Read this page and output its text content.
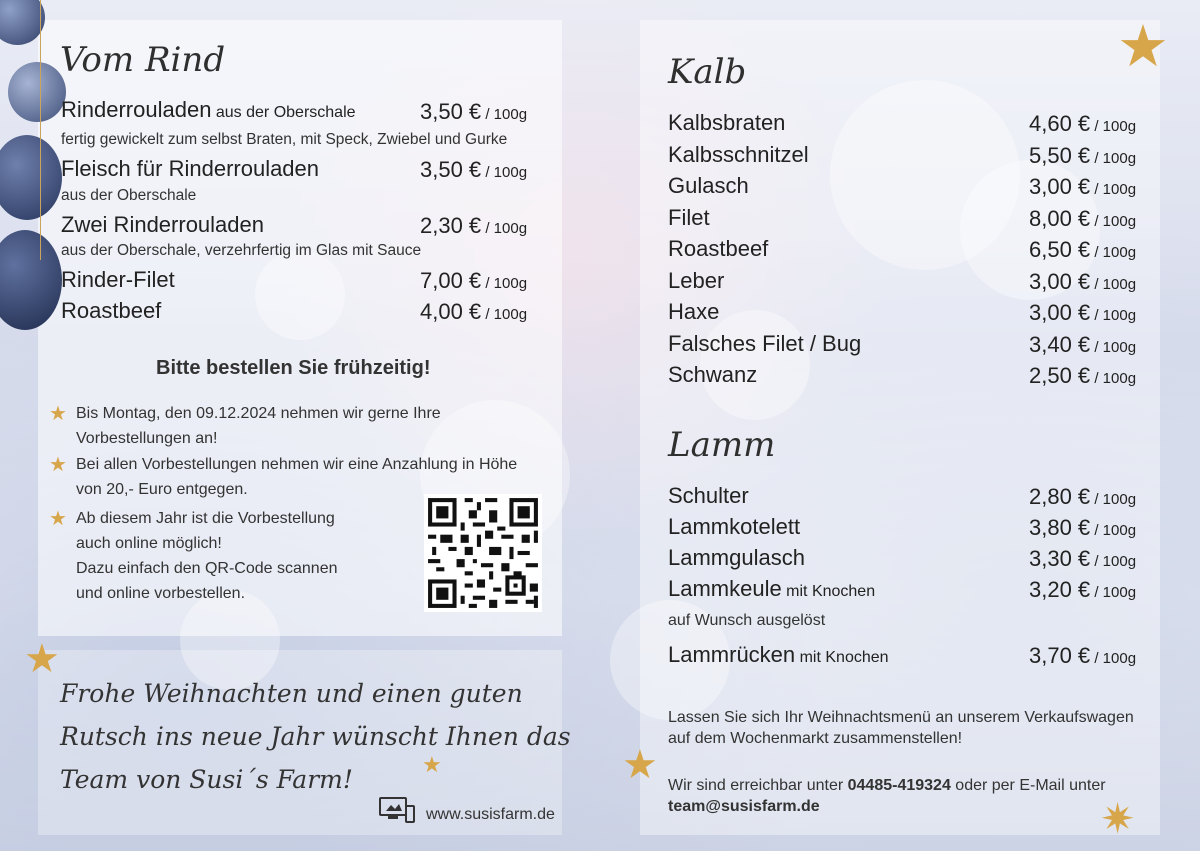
Vom Rind
Rinderrouladen aus der Oberschale	3,50 € / 100g
fertig gewickelt zum selbst Braten, mit Speck, Zwiebel und Gurke
Fleisch für Rinderrouladen	3,50 € / 100g
aus der Oberschale
Zwei Rinderrouladen	2,30 € / 100g
aus der Oberschale, verzehrfertig im Glas mit Sauce
Rinder-Filet	7,00 € / 100g
Roastbeef	4,00 € / 100g
Bitte bestellen Sie frühzeitig!
★ Bis Montag, den 09.12.2024 nehmen wir gerne Ihre
Vorbestellungen an!
★ Bei allen Vorbestellungen nehmen wir eine Anzahlung in Höhe
von 20,- Euro entgegen.
★ Ab diesem Jahr ist die Vorbestellung
auch online möglich!
Dazu einfach den QR-Code scannen
und online vorbestellen.
★
Frohe Weihnachten und einen guten
Rutsch ins neue Jahr wünscht Ihnen das
Team von Susi´s Farm!
★
www.susisfarm.de
★
Kalb
Kalbsbraten	4,60 € / 100g
Kalbsschnitzel	5,50 € / 100g
Gulasch	3,00 € / 100g
Filet	8,00 € / 100g
Roastbeef	6,50 € / 100g
Leber	3,00 € / 100g
Haxe	3,00 € / 100g
Falsches Filet / Bug	3,40 € / 100g
Schwanz	2,50 € / 100g
Lamm
Schulter	2,80 € / 100g
Lammkotelett	3,80 € / 100g
Lammgulasch	3,30 € / 100g
Lammkeule mit Knochen	3,20 € / 100g
auf Wunsch ausgelöst
Lammrücken mit Knochen	3,70 € / 100g
Lassen Sie sich Ihr Weihnachtsmenü an unserem Verkaufswagen
auf dem Wochenmarkt zusammenstellen!
★ Wir sind erreichbar unter 04485-419324 oder per E-Mail unter
team@susisfarm.de	✷
